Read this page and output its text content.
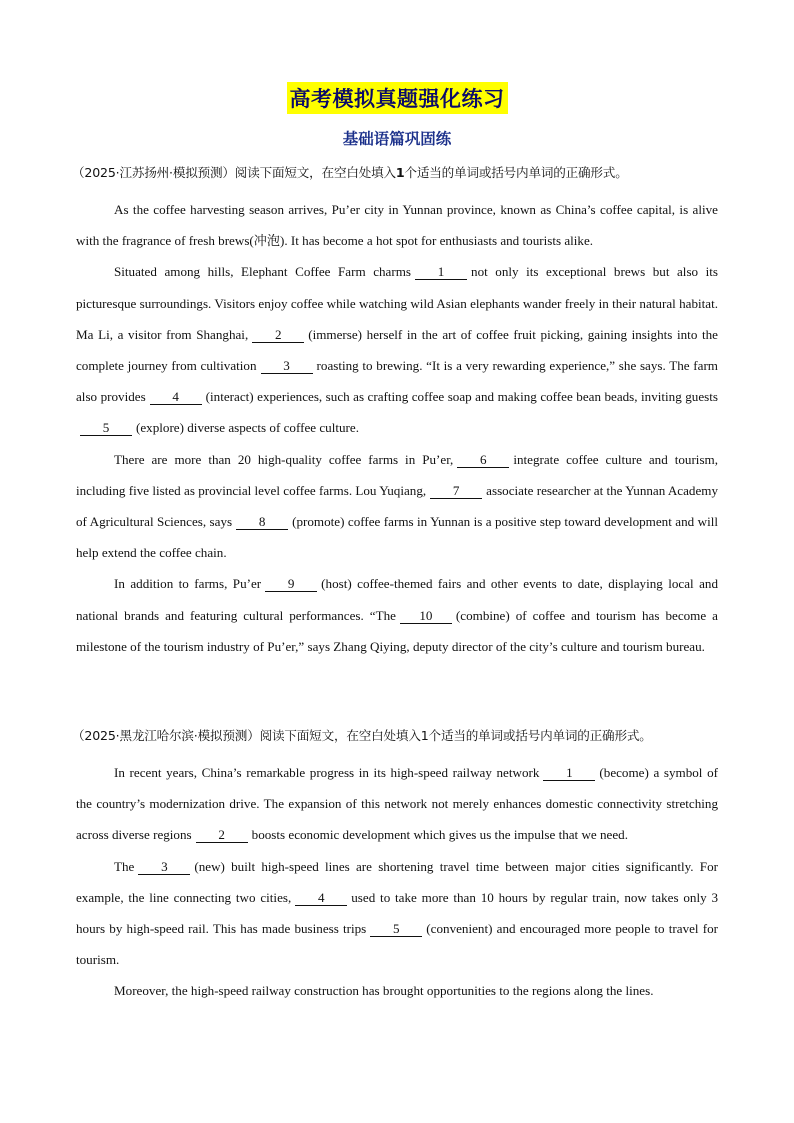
高考模拟真题强化练习
基础语篇巩固练
（2025·江苏扬州·模拟预测）阅读下面短文，在空白处填入1个适当的单词或括号内单词的正确形式。

As the coffee harvesting season arrives, Pu’er city in Yunnan province, known as China’s coffee capital, is alive with the fragrance of fresh brews(冲泡). It has become a hot spot for enthusiasts and tourists alike.

Situated among hills, Elephant Coffee Farm charms 1 not only its exceptional brews but also its picturesque surroundings. Visitors enjoy coffee while watching wild Asian elephants wander freely in their natural habitat. Ma Li, a visitor from Shanghai, 2 (immerse) herself in the art of coffee fruit picking, gaining insights into the complete journey from cultivation 3 roasting to brewing. “It is a very rewarding experience,” she says. The farm also provides 4 (interact) experiences, such as crafting coffee soap and making coffee bean beads, inviting guests5 (explore) diverse aspects of coffee culture.

There are more than 20 high-quality coffee farms in Pu’er, 6 integrate coffee culture and tourism, including five listed as provincial level coffee farms. Lou Yuqiang, 7 associate researcher at the Yunnan Academy of Agricultural Sciences, says 8 (promote) coffee farms in Yunnan is a positive step toward development and will help extend the coffee chain.

In addition to farms, Pu’er 9 (host) coffee-themed fairs and other events to date, displaying local and national brands and featuring cultural performances. “The 10 (combine) of coffee and tourism has become a milestone of the tourism industry of Pu’er,” says Zhang Qiying, deputy director of the city’s culture and tourism bureau.

（2025·黑龙江哈尔滨·模拟预测）阅读下面短文，在空白处填入1个适当的单词或括号内单词的正确形式。

In recent years, China’s remarkable progress in its high-speed railway network 1 (become) a symbol of the country’s modernization drive. The expansion of this network not merely enhances domestic connectivity stretching across diverse regions 2 boosts economic development which gives us the impulse that we need.

The 3 (new) built high-speed lines are shortening travel time between major cities significantly. For example, the line connecting two cities, 4 used to take more than 10 hours by regular train, now takes only 3 hours by high-speed rail. This has made business trips 5 (convenient) and encouraged more people to travel for tourism.

Moreover, the high-speed railway construction has brought opportunities to the regions along the lines.
